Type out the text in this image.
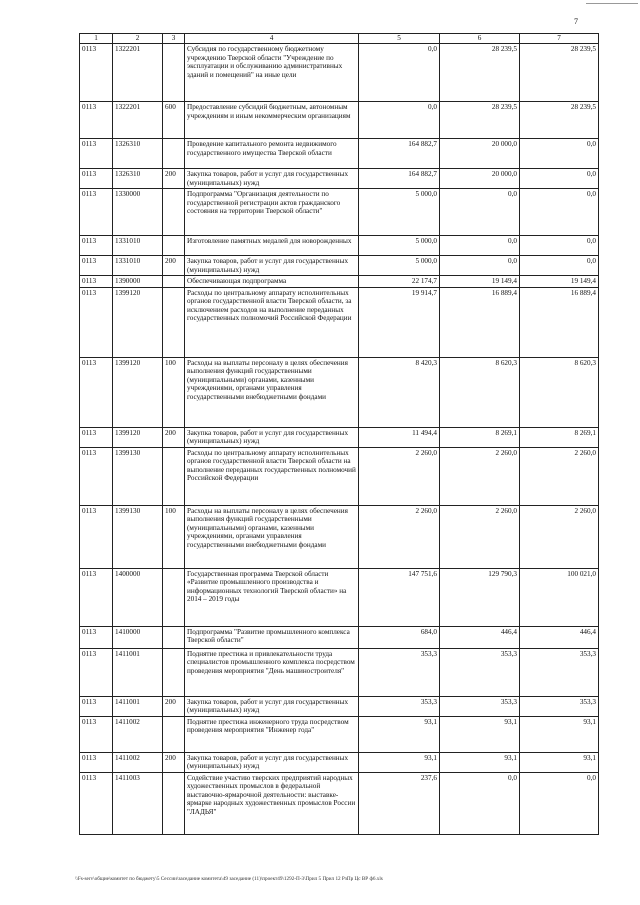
7
1	2	3	4	5	6	7
0113	1322201		Субсидия по государственному бюджетному учреждению Тверской области "Учреждение по эксплуатации и обслуживанию административных зданий и помещений" на иные цели	0,0	28 239,5	28 239,5
0113	1322201	600	Предоставление субсидий бюджетным, автономным учреждениям и иным некоммерческим организациям	0,0	28 239,5	28 239,5
0113	1326310		Проведение капитального ремонта недвижимого государственного имущества Тверской области	164 882,7	20 000,0	0,0
0113	1326310	200	Закупка товаров, работ и услуг для государственных (муниципальных) нужд	164 882,7	20 000,0	0,0
0113	1330000		Подпрограмма "Организация деятельности по государственной регистрации актов гражданского состояния на территории Тверской области"	5 000,0	0,0	0,0
0113	1331010		Изготовление памятных медалей для новорожденных	5 000,0	0,0	0,0
0113	1331010	200	Закупка товаров, работ и услуг для государственных (муниципальных) нужд	5 000,0	0,0	0,0
0113	1390000		Обеспечивающая подпрограмма	22 174,7	19 149,4	19 149,4
0113	1399120		Расходы по центральному аппарату исполнительных органов государственной власти Тверской области, за исключением расходов на выполнение переданных государственных полномочий Российской Федерации	19 914,7	16 889,4	16 889,4
0113	1399120	100	Расходы на выплаты персоналу в целях обеспечения выполнения функций государственными (муниципальными) органами, казенными учреждениями, органами управления государственными внебюджетными фондами	8 420,3	8 620,3	8 620,3
0113	1399120	200	Закупка товаров, работ и услуг для государственных (муниципальных) нужд	11 494,4	8 269,1	8 269,1
0113	1399130		Расходы по центральному аппарату исполнительных органов государственной власти Тверской области на выполнение переданных государственных полномочий Российской Федерации	2 260,0	2 260,0	2 260,0
0113	1399130	100	Расходы на выплаты персоналу в целях обеспечения выполнения функций государственными (муниципальными) органами, казенными учреждениями, органами управления государственными внебюджетными фондами	2 260,0	2 260,0	2 260,0
0113	1400000		Государственная программа Тверской области «Развитие промышленного производства и информационных технологий Тверской области» на 2014 – 2019 годы	147 751,6	129 790,3	100 021,0
0113	1410000		Подпрограмма "Развитие промышленного комплекса Тверской области"	684,0	446,4	446,4
0113	1411001		Поднятие престижа и привлекательности труда специалистов промышленного комплекса посредством проведения мероприятия "День машиностроителя"	353,3	353,3	353,3
0113	1411001	200	Закупка товаров, работ и услуг для государственных (муниципальных) нужд	353,3	353,3	353,3
0113	1411002		Поднятие престижа инженерного труда посредством проведения мероприятия "Инженер года"	93,1	93,1	93,1
0113	1411002	200	Закупка товаров, работ и услуг для государственных (муниципальных) нужд	93,1	93,1	93,1
0113	1411003		Содействие участию тверских предприятий народных художественных промыслов в федеральной выставочно-ярмарочной деятельности: выставке-ярмарке народных художественных промыслов России "ЛАДЬЯ"	237,6	0,0	0,0
\\Fs-serv\общие\комитет по бюджету\5 Сессии\заседание комитета\49 заседание (11)\проект49\1292-П-3\Прил 5 Прил 12 РзПр Цс ВР ф6.xls
